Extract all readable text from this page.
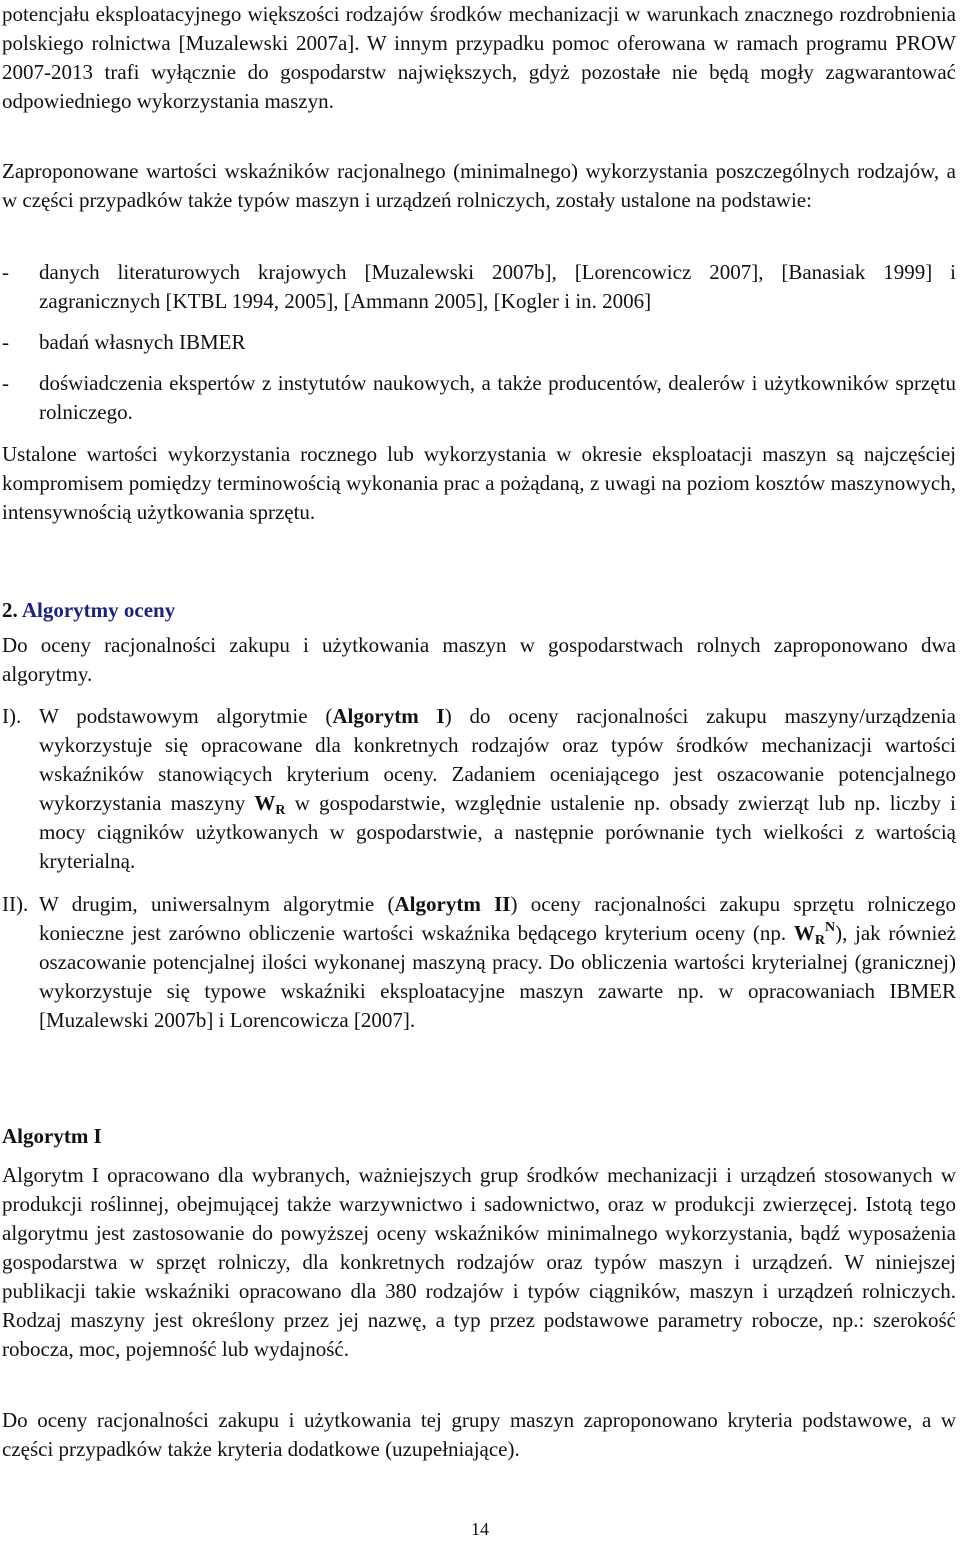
potencjału eksploatacyjnego większości rodzajów środków mechanizacji w warunkach znacznego rozdrobnienia polskiego rolnictwa [Muzalewski 2007a]. W innym przypadku pomoc oferowana w ramach programu PROW 2007-2013 trafi wyłącznie do gospodarstw największych, gdyż pozostałe nie będą mogły zagwarantować odpowiedniego wykorzystania maszyn.

Zaproponowane wartości wskaźników racjonalnego (minimalnego) wykorzystania poszczególnych rodzajów, a w części przypadków także typów maszyn i urządzeń rolniczych, zostały ustalone na podstawie:

- danych literaturowych krajowych [Muzalewski 2007b], [Lorencowicz 2007], [Banasiak 1999] i zagranicznych [KTBL 1994, 2005], [Ammann 2005], [Kogler i in. 2006]
- badań własnych IBMER
- doświadczenia ekspertów z instytutów naukowych, a także producentów, dealerów i użytkowników sprzętu rolniczego.

Ustalone wartości wykorzystania rocznego lub wykorzystania w okresie eksploatacji maszyn są najczęściej kompromisem pomiędzy terminowością wykonania prac a pożądaną, z uwagi na poziom kosztów maszynowych, intensywnością użytkowania sprzętu.

2. Algorytmy oceny

Do oceny racjonalności zakupu i użytkowania maszyn w gospodarstwach rolnych zaproponowano dwa algorytmy.

I). W podstawowym algorytmie (Algorytm I) do oceny racjonalności zakupu maszyny/urządzenia wykorzystuje się opracowane dla konkretnych rodzajów oraz typów środków mechanizacji wartości wskaźników stanowiących kryterium oceny. Zadaniem oceniającego jest oszacowanie potencjalnego wykorzystania maszyny $W_R$ w gospodarstwie, względnie ustalenie np. obsady zwierząt lub np. liczby i mocy ciągników użytkowanych w gospodarstwie, a następnie porównanie tych wielkości z wartością kryterialną.
II). W drugim, uniwersalnym algorytmie (Algorytm II) oceny racjonalności zakupu sprzętu rolniczego konieczne jest zarówno obliczenie wartości wskaźnika będącego kryterium oceny (np. $W_R^N$), jak również oszacowanie potencjalnej ilości wykonanej maszyną pracy. Do obliczenia wartości kryterialnej (granicznej) wykorzystuje się typowe wskaźniki eksploatacyjne maszyn zawarte np. w opracowaniach IBMER [Muzalewski 2007b] i Lorencowicza [2007].

Algorytm I

Algorytm I opracowano dla wybranych, ważniejszych grup środków mechanizacji i urządzeń stosowanych w produkcji roślinnej, obejmującej także warzywnictwo i sadownictwo, oraz w produkcji zwierzęcej. Istotą tego algorytmu jest zastosowanie do powyższej oceny wskaźników minimalnego wykorzystania, bądź wyposażenia gospodarstwa w sprzęt rolniczy, dla konkretnych rodzajów oraz typów maszyn i urządzeń. W niniejszej publikacji takie wskaźniki opracowano dla 380 rodzajów i typów ciągników, maszyn i urządzeń rolniczych. Rodzaj maszyny jest określony przez jej nazwę, a typ przez podstawowe parametry robocze, np.: szerokość robocza, moc, pojemność lub wydajność.

Do oceny racjonalności zakupu i użytkowania tej grupy maszyn zaproponowano kryteria podstawowe, a w części przypadków także kryteria dodatkowe (uzupełniające).

14
